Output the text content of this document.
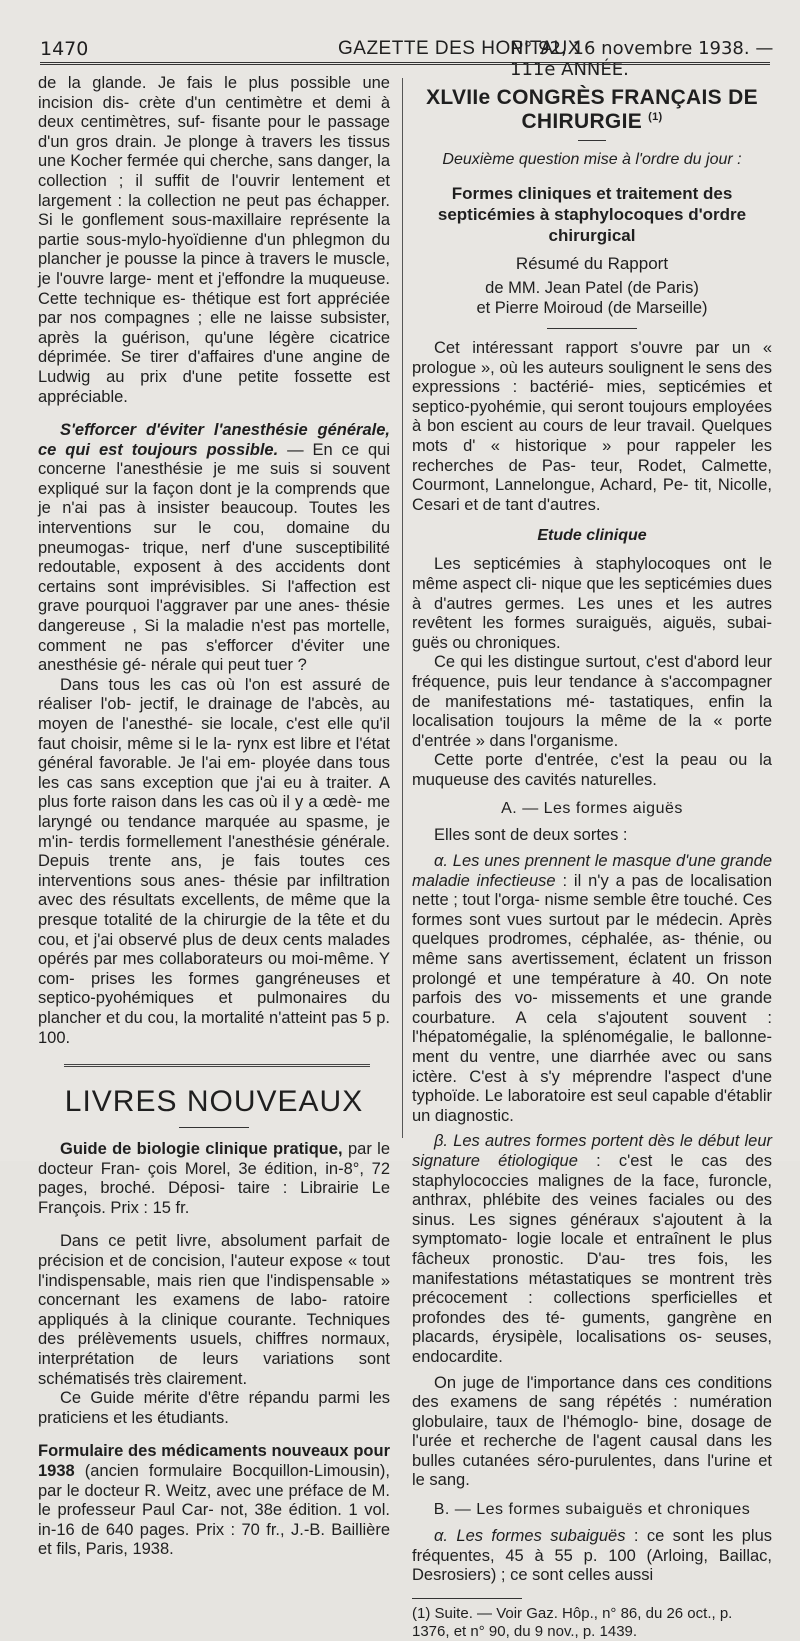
1470	GAZETTE DES HOPITAUX
N° 92, 16 novembre 1938. — 111e ANNÉE.

de la glande. Je fais le plus possible une incision dis- crète d'un centimètre et demi à deux centimètres, suf- fisante pour le passage d'un gros drain. Je plonge à travers les tissus une Kocher fermée qui cherche, sans danger, la collection ; il suffit de l'ouvrir lentement et largement : la collection ne peut pas échapper. Si le gonflement sous-maxillaire représente la partie sous-mylo-hyoïdienne d'un phlegmon du plancher je pousse la pince à travers le muscle, je l'ouvre large- ment et j'effondre la muqueuse. Cette technique es- thétique est fort appréciée par nos compagnes ; elle ne laisse subsister, après la guérison, qu'une légère cicatrice déprimée. Se tirer d'affaires d'une angine de Ludwig au prix d'une petite fossette est appréciable.

S'efforcer d'éviter l'anesthésie générale, ce qui est toujours possible. — En ce qui concerne l'anesthésie je me suis si souvent expliqué sur la façon dont je la comprends que je n'ai pas à insister beaucoup. Toutes les interventions sur le cou, domaine du pneumogas- trique, nerf d'une susceptibilité redoutable, exposent à des accidents dont certains sont imprévisibles. Si l'affection est grave pourquoi l'aggraver par une anes- thésie dangereuse , Si la maladie n'est pas mortelle, comment ne pas s'efforcer d'éviter une anesthésie gé- nérale qui peut tuer ?

Dans tous les cas où l'on est assuré de réaliser l'ob- jectif, le drainage de l'abcès, au moyen de l'anesthé- sie locale, c'est elle qu'il faut choisir, même si le la- rynx est libre et l'état général favorable. Je l'ai em- ployée dans tous les cas sans exception que j'ai eu à traiter. A plus forte raison dans les cas où il y a œdè- me laryngé ou tendance marquée au spasme, je m'in- terdis formellement l'anesthésie générale. Depuis trente ans, je fais toutes ces interventions sous anes- thésie par infiltration avec des résultats excellents, de même que la presque totalité de la chirurgie de la tête et du cou, et j'ai observé plus de deux cents malades opérés par mes collaborateurs ou moi-même. Y com- prises les formes gangréneuses et septico-pyohémiques et pulmonaires du plancher et du cou, la mortalité n'atteint pas 5 p. 100.

LIVRES NOUVEAUX

Guide de biologie clinique pratique, par le docteur Fran- çois Morel, 3e édition, in-8°, 72 pages, broché. Déposi- taire : Librairie Le François. Prix : 15 fr.

Dans ce petit livre, absolument parfait de précision et de concision, l'auteur expose « tout l'indispensable, mais rien que l'indispensable » concernant les examens de labo- ratoire appliqués à la clinique courante. Techniques des prélèvements usuels, chiffres normaux, interprétation de leurs variations sont schématisés très clairement.

Ce Guide mérite d'être répandu parmi les praticiens et les étudiants.

Formulaire des médicaments nouveaux pour 1938 (ancien formulaire Bocquillon-Limousin), par le docteur R. Weitz, avec une préface de M. le professeur Paul Car- not, 38e édition. 1 vol. in-16 de 640 pages. Prix : 70 fr., J.-B. Baillière et fils, Paris, 1938.

XLVIIe CONGRÈS FRANÇAIS DE CHIRURGIE $^{(1)}$
Deuxième question mise à l'ordre du jour :
Formes cliniques et traitement des septicémies à staphylocoques d'ordre chirurgical
Résumé du Rapport
de MM. Jean Patel (de Paris)
et Pierre Moiroud (de Marseille)

Cet intéressant rapport s'ouvre par un « prologue », où les auteurs soulignent le sens des expressions : bactérié- mies, septicémies et septico-pyohémie, qui seront toujours employées à bon escient au cours de leur travail. Quelques mots d' « historique » pour rappeler les recherches de Pas- teur, Rodet, Calmette, Courmont, Lannelongue, Achard, Pe- tit, Nicolle, Cesari et de tant d'autres.

Etude clinique

Les septicémies à staphylocoques ont le même aspect cli- nique que les septicémies dues à d'autres germes. Les unes et les autres revêtent les formes suraiguës, aiguës, subai- guës ou chroniques.

Ce qui les distingue surtout, c'est d'abord leur fréquence, puis leur tendance à s'accompagner de manifestations mé- tastatiques, enfin la localisation toujours la même de la « porte d'entrée » dans l'organisme.

Cette porte d'entrée, c'est la peau ou la muqueuse des cavités naturelles.

A. — Les formes aiguës

Elles sont de deux sortes :

α. Les unes prennent le masque d'une grande maladie infectieuse : il n'y a pas de localisation nette ; tout l'orga- nisme semble être touché. Ces formes sont vues surtout par le médecin. Après quelques prodromes, céphalée, as- thénie, ou même sans avertissement, éclatent un frisson prolongé et une température à 40. On note parfois des vo- missements et une grande courbature. A cela s'ajoutent souvent : l'hépatomégalie, la splénomégalie, le ballonne- ment du ventre, une diarrhée avec ou sans ictère. C'est à s'y méprendre l'aspect d'une typhoïde. Le laboratoire est seul capable d'établir un diagnostic.

β. Les autres formes portent dès le début leur signature étiologique : c'est le cas des staphylococcies malignes de la face, furoncle, anthrax, phlébite des veines faciales ou des sinus. Les signes généraux s'ajoutent à la symptomato- logie locale et entraînent le plus fâcheux pronostic. D'au- tres fois, les manifestations métastatiques se montrent très précocement : collections sperficielles et profondes des té- guments, gangrène en placards, érysipèle, localisations os- seuses, endocardite.

On juge de l'importance dans ces conditions des examens de sang répétés : numération globulaire, taux de l'hémoglo- bine, dosage de l'urée et recherche de l'agent causal dans les bulles cutanées séro-purulentes, dans l'urine et le sang.

B. — Les formes subaiguës et chroniques

α. Les formes subaiguës : ce sont les plus fréquentes, 45 à 55 p. 100 (Arloing, Baillac, Desrosiers) ; ce sont celles aussi

(1) Suite. — Voir Gaz. Hôp., n° 86, du 26 oct., p. 1376, et n° 90, du 9 nov., p. 1439.
